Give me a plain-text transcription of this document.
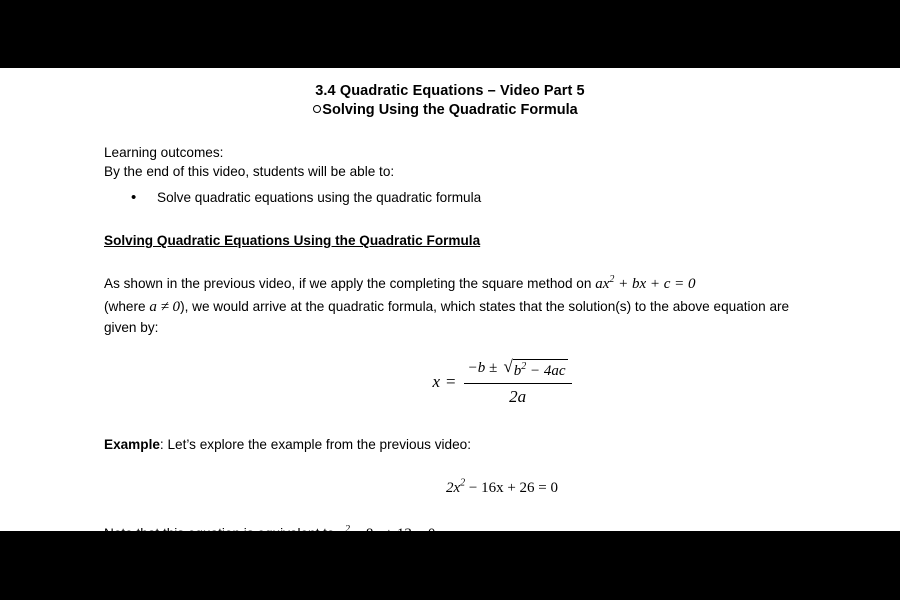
3.4 Quadratic Equations – Video Part 5
Solving Using the Quadratic Formula

Learning outcomes:

By the end of this video, students will be able to:

•	Solve quadratic equations using the quadratic formula
Solving Quadratic Equations Using the Quadratic Formula
As shown in the previous video, if we apply the completing the square method on $ax^2$ + bx + c = 0
(where a ≠ 0), we would arrive at the quadratic formula, which states that the solution(s) to the above equation are given by:
x =
−b ± √ $b^2 - 4ac$
2a
Example: Let’s explore the example from the previous video:
$2x^2 - 16x + 26 = 0$
Note that this equation is equivalent to $x^2 - 8x + 13 = 0$.
